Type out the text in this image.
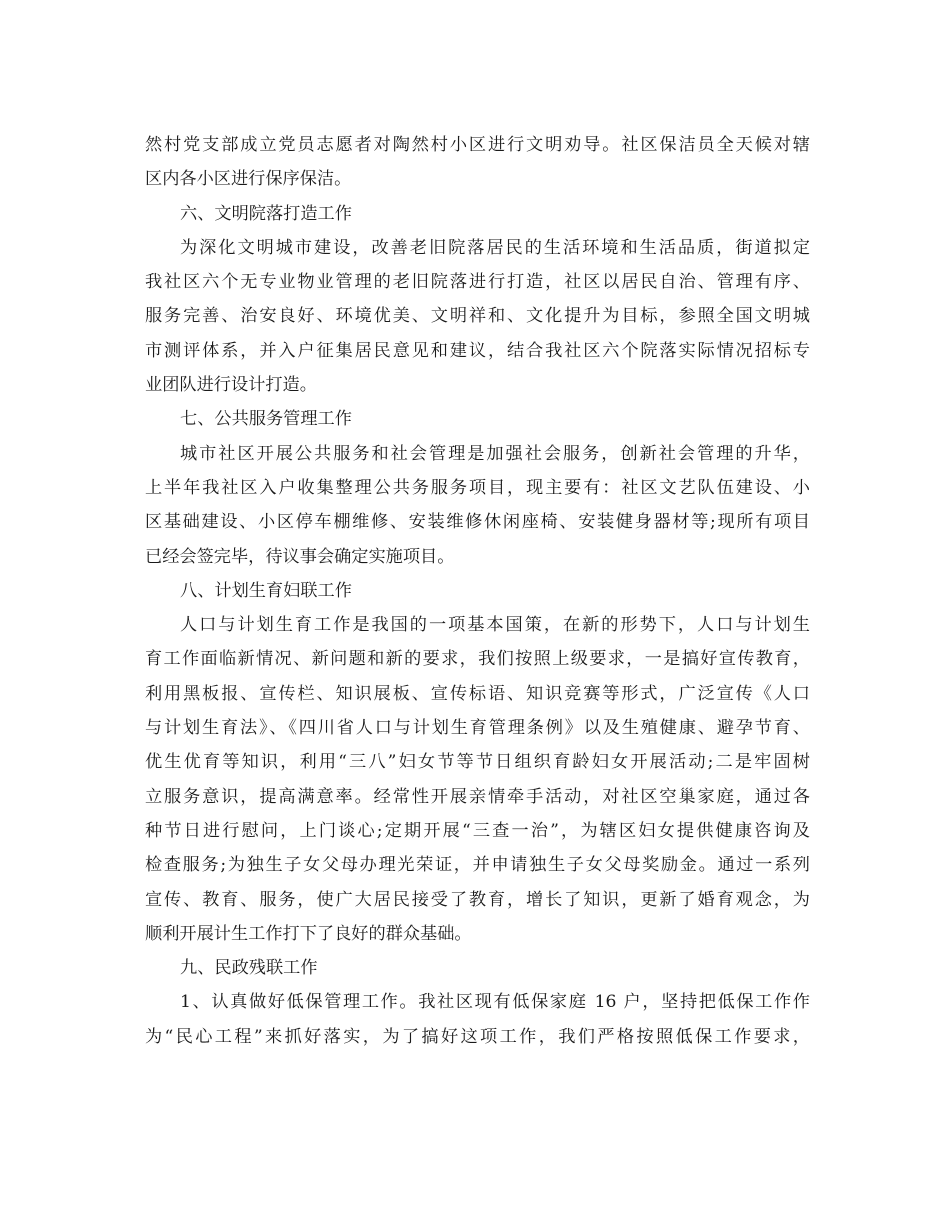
然村党支部成立党员志愿者对陶然村小区进行文明劝导。社区保洁员全天候对辖
区内各小区进行保序保洁。
六、文明院落打造工作
为深化文明城市建设，改善老旧院落居民的生活环境和生活品质，街道拟定
我社区六个无专业物业管理的老旧院落进行打造，社区以居民自治、管理有序、
服务完善、治安良好、环境优美、文明祥和、文化提升为目标，参照全国文明城
市测评体系，并入户征集居民意见和建议，结合我社区六个院落实际情况招标专
业团队进行设计打造。
七、公共服务管理工作
城市社区开展公共服务和社会管理是加强社会服务，创新社会管理的升华，
上半年我社区入户收集整理公共务服务项目，现主要有：社区文艺队伍建设、小
区基础建设、小区停车棚维修、安装维修休闲座椅、安装健身器材等;现所有项目
已经会签完毕，待议事会确定实施项目。
八、计划生育妇联工作
人口与计划生育工作是我国的一项基本国策，在新的形势下，人口与计划生
育工作面临新情况、新问题和新的要求，我们按照上级要求，一是搞好宣传教育，
利用黑板报、宣传栏、知识展板、宣传标语、知识竞赛等形式，广泛宣传《人口
与计划生育法》、《四川省人口与计划生育管理条例》以及生殖健康、避孕节育、
优生优育等知识，利用“三八”妇女节等节日组织育龄妇女开展活动;二是牢固树
立服务意识，提高满意率。经常性开展亲情牵手活动，对社区空巢家庭，通过各
种节日进行慰问，上门谈心;定期开展“三查一治”，为辖区妇女提供健康咨询及
检查服务;为独生子女父母办理光荣证，并申请独生子女父母奖励金。通过一系列
宣传、教育、服务，使广大居民接受了教育，增长了知识，更新了婚育观念，为
顺利开展计生工作打下了良好的群众基础。
九、民政残联工作
1、认真做好低保管理工作。我社区现有低保家庭 16 户，坚持把低保工作作
为“民心工程”来抓好落实，为了搞好这项工作，我们严格按照低保工作要求，
